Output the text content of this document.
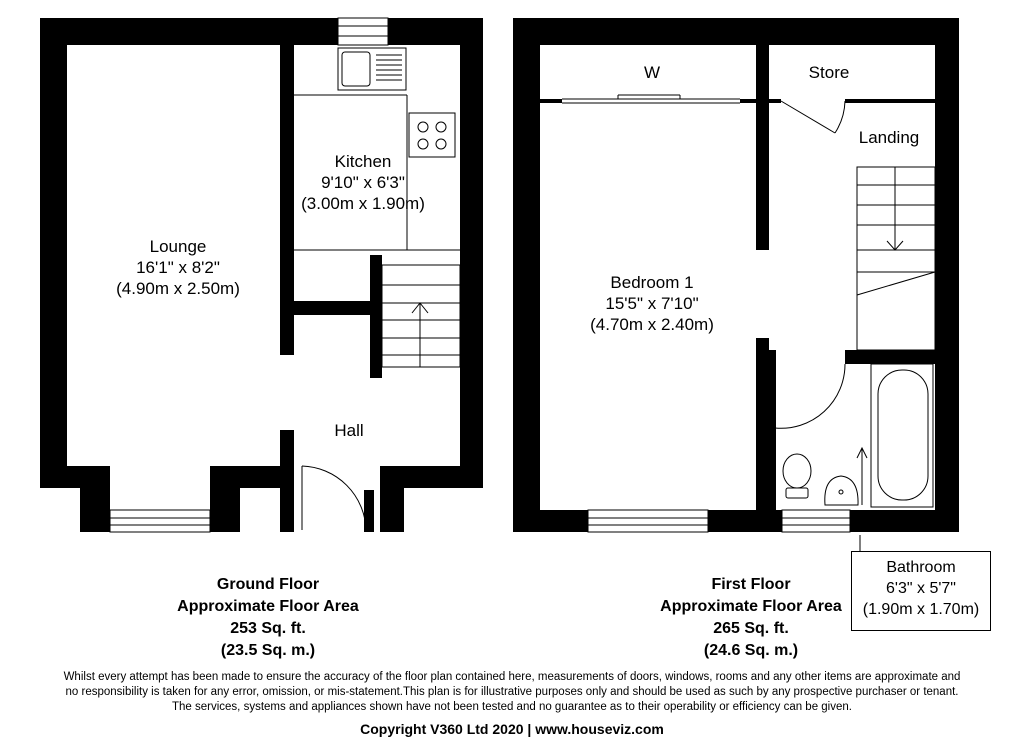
Lounge
16'1" x 8'2"
(4.90m x 2.50m)
Kitchen
9'10" x 6'3"
(3.00m x 1.90m)
Hall
W	Store
Landing
Bedroom 1
15'5" x 7'10"
(4.70m x 2.40m)
Bathroom
6'3" x 5'7"
(1.90m x 1.70m)
Ground Floor
Approximate Floor Area
253 Sq. ft.
(23.5 Sq. m.)
First Floor
Approximate Floor Area
265 Sq. ft.
(24.6 Sq. m.)
Whilst every attempt has been made to ensure the accuracy of the floor plan contained here, measurements of doors, windows, rooms and any other items are approximate and
no responsibility is taken for any error, omission, or mis-statement.This plan is for illustrative purposes only and should be used as such by any prospective purchaser or tenant.
The services, systems and appliances shown have not been tested and no guarantee as to their operability or efficiency can be given.
Copyright V360 Ltd 2020 | www.houseviz.com
